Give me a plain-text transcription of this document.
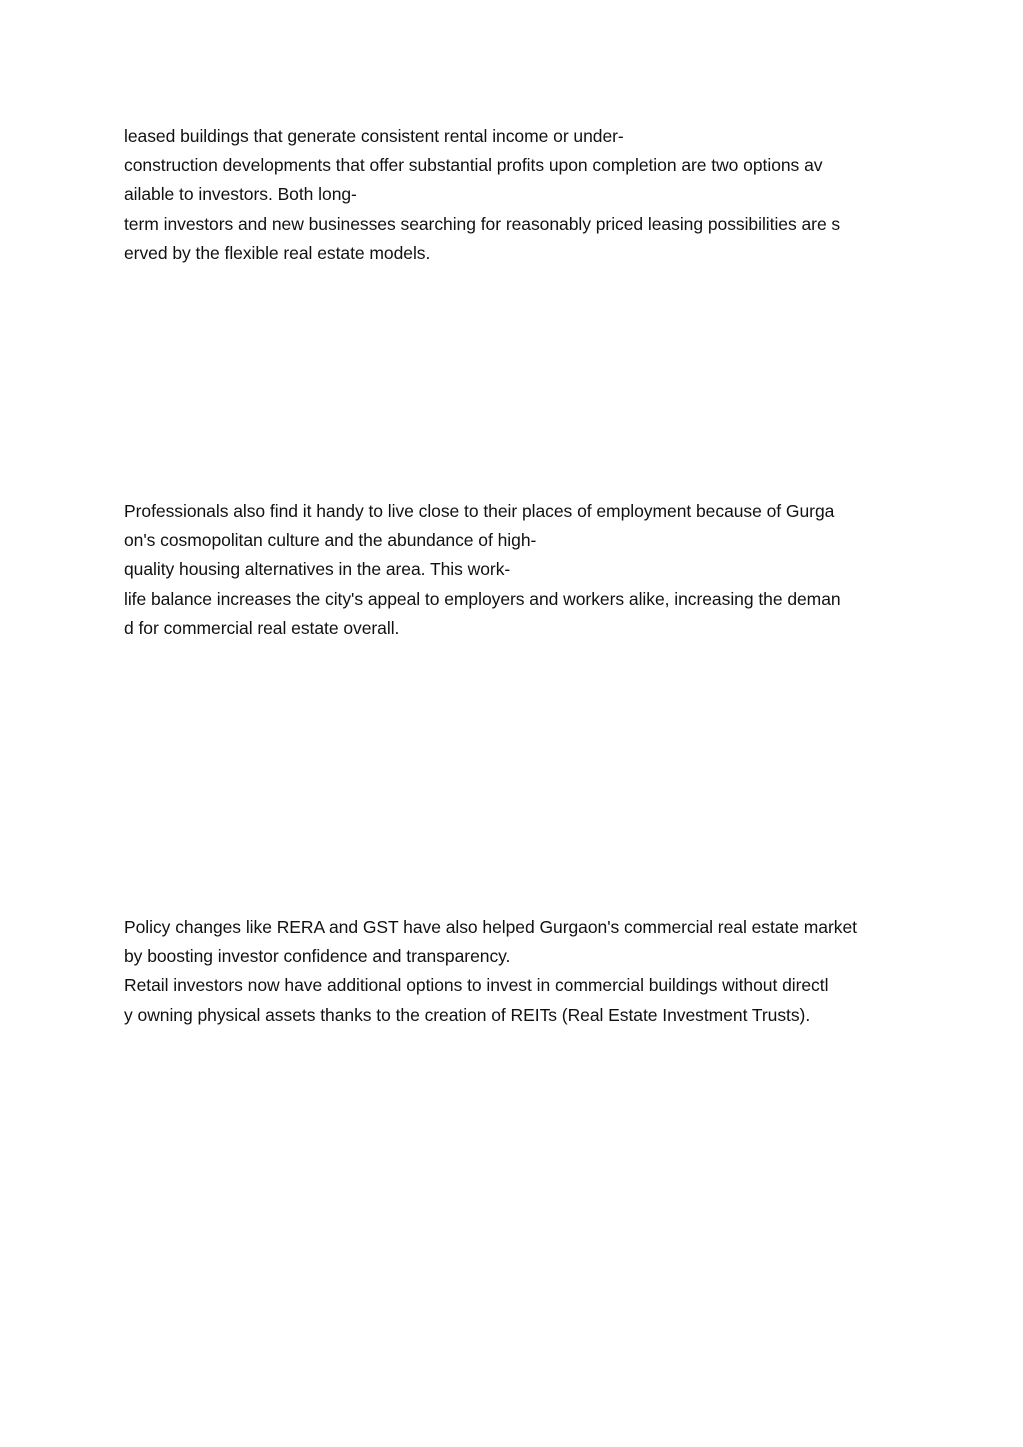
leased buildings that generate consistent rental income or under-
construction developments that offer substantial profits upon completion are two options av
ailable to investors. Both long-
term investors and new businesses searching for reasonably priced leasing possibilities are s
erved by the flexible real estate models.

Professionals also find it handy to live close to their places of employment because of Gurga
on's cosmopolitan culture and the abundance of high-
quality housing alternatives in the area. This work-
life balance increases the city's appeal to employers and workers alike, increasing the deman
d for commercial real estate overall.

Policy changes like RERA and GST have also helped Gurgaon's commercial real estate market
by boosting investor confidence and transparency.
Retail investors now have additional options to invest in commercial buildings without directl
y owning physical assets thanks to the creation of REITs (Real Estate Investment Trusts).
